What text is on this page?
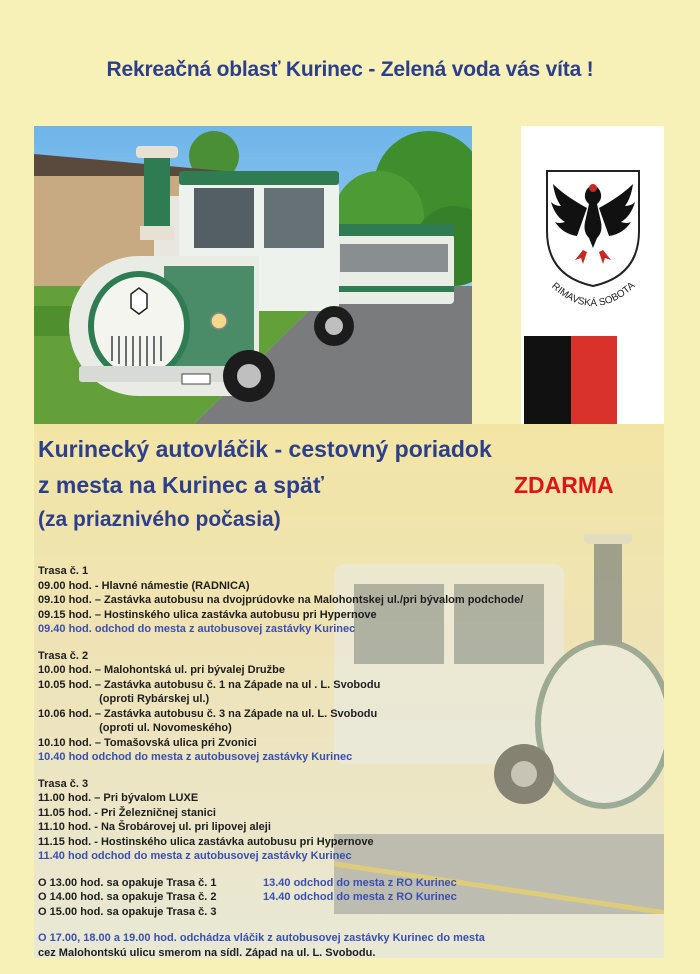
Rekreačná oblasť Kurinec - Zelená voda vás víta !
RIMAVSKÁ SOBOTA
Kurinecký autovláčik - cestovný poriadok
z mesta na Kurinec a späť	ZDARMA
(za priaznivého počasia)
Trasa č. 1
09.00 hod. - Hlavné námestie (RADNICA)
09.10 hod. – Zastávka autobusu na dvojprúdovke na Malohontskej ul./pri bývalom podchode/
09.15 hod. – Hostinského ulica zastávka autobusu pri Hypernove
09.40 hod. odchod do mesta z autobusovej zastávky Kurinec
Trasa č. 2
10.00 hod. – Malohontská ul. pri bývalej Družbe
10.05 hod. – Zastávka autobusu č. 1 na Západe na ul . L. Svobodu
(oproti Rybárskej ul.)
10.06 hod. – Zastávka autobusu č. 3 na Západe na ul. L. Svobodu
(oproti ul. Novomeského)
10.10 hod. – Tomašovská ulica pri Zvonici
10.40 hod odchod do mesta z autobusovej zastávky Kurinec
Trasa č. 3
11.00 hod. – Pri bývalom LUXE
11.05 hod. - Pri Železničnej stanici
11.10 hod. - Na Šrobárovej ul. pri lipovej aleji
11.15 hod. - Hostinského ulica zastávka autobusu pri Hypernove
11.40 hod odchod do mesta z autobusovej zastávky Kurinec
O 13.00 hod. sa opakuje Trasa č. 1	13.40 odchod do mesta z RO Kurinec
O 14.00 hod. sa opakuje Trasa č. 2	14.40 odchod do mesta z RO Kurinec
O 15.00 hod. sa opakuje Trasa č. 3
O 17.00, 18.00 a 19.00 hod. odchádza vláčik z autobusovej zastávky Kurinec do mesta
cez Malohontskú ulicu smerom na sídl. Západ na ul. L. Svobodu.
